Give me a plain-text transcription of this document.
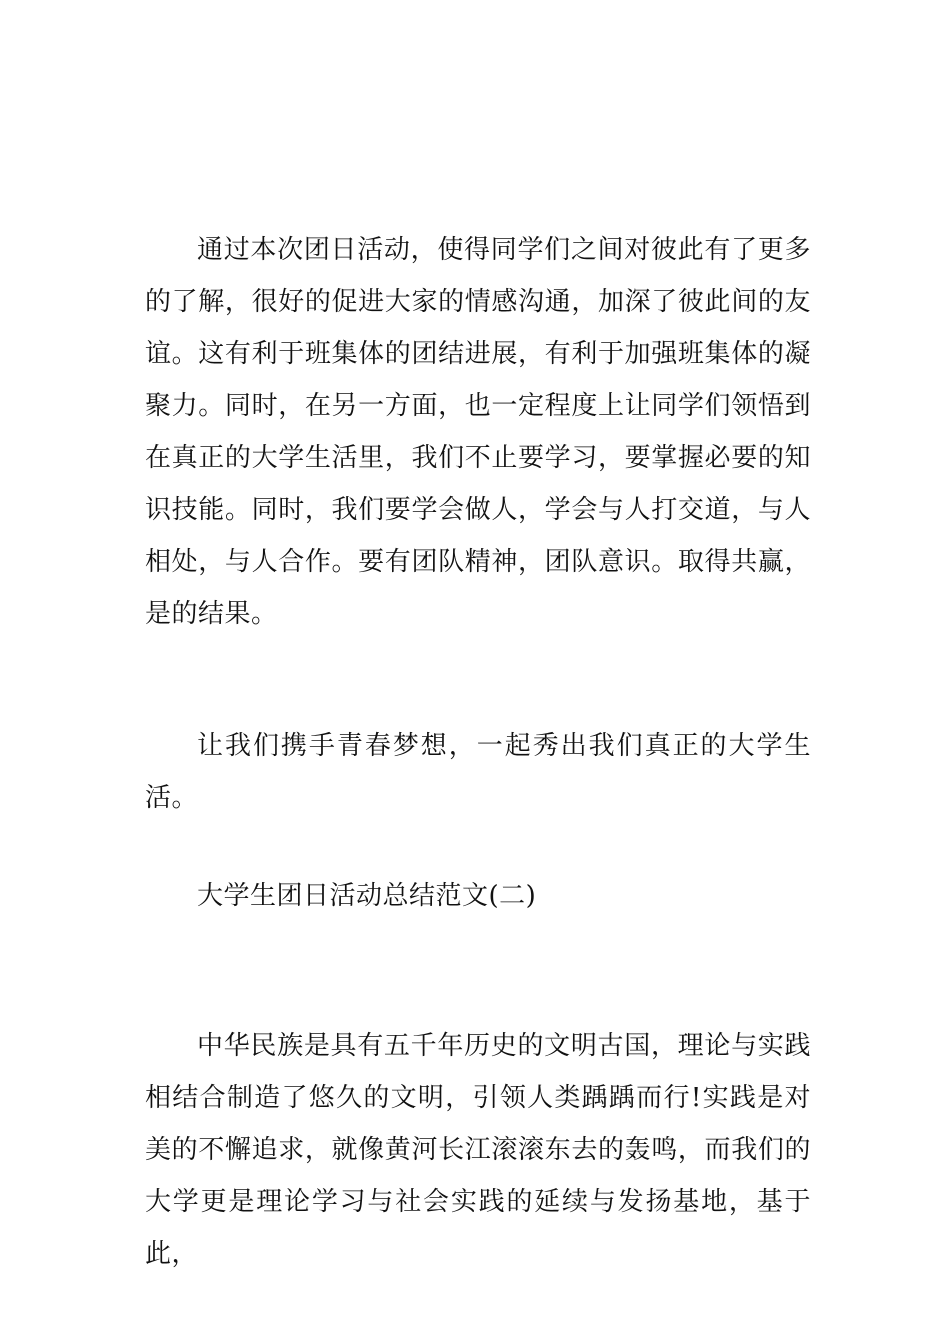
通过本次团日活动，使得同学们之间对彼此有了更多的了解，很好的促进大家的情感沟通，加深了彼此间的友谊。这有利于班集体的团结进展，有利于加强班集体的凝聚力。同时，在另一方面，也一定程度上让同学们领悟到在真正的大学生活里，我们不止要学习，要掌握必要的知识技能。同时，我们要学会做人，学会与人打交道，与人相处，与人合作。要有团队精神，团队意识。取得共赢，是的结果。

让我们携手青春梦想，一起秀出我们真正的大学生活。

大学生团日活动总结范文(二)

中华民族是具有五千年历史的文明古国，理论与实践相结合制造了悠久的文明，引领人类踽踽而行!实践是对美的不懈追求，就像黄河长江滚滚东去的轰鸣，而我们的大学更是理论学习与社会实践的延续与发扬基地，基于此，
